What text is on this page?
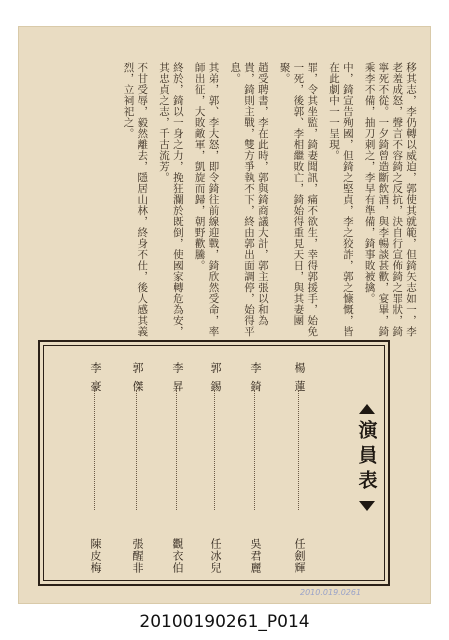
移其志，李仍轉以威迫，郭使其就範，但錡矢志如一，李老羞成怒，聲言不容錡之反抗，決自行宣佈錡之罪狀，錡寧死不從。一夕錡曾造斷飲酒，與李暢談甚歡，宴畢，錡乘李不備，抽刀刺之，李早有準備，錡事敗被擒。
中，錡宣告殉國，但錡之堅貞，李之狡詐，郭之慷慨，皆在此劇中一一呈現。
罪，令其坐監，錡妻聞訊，痛不欲生，幸得郭援手，始免一死，後郭、李相繼敗亡，錡始得重見天日，與其妻團聚。
趙受聘書，李在此時，郭與錡商議大計，郭主張以和為貴，錡則主戰，雙方爭執不下，終由郭出面調停，始得平息。
其弟，郭、李大怒，即令錡往前線迎戰，錡欣然受命，率師出征，大敗敵軍，凱旋而歸，朝野歡騰。
終於，錡以一身之力，挽狂瀾於既倒，使國家轉危為安，其忠貞之志，千古流芳。
不甘受辱，毅然離去，隱居山林，終身不仕，後人感其義烈，立祠祀之。
演員表
楊 蓮
任劍輝
李 錡
吳君麗
郭 錫
任冰兒
李 昇
觀衣伯
郭 傑
張醒非
李 豪
陳皮梅
2010.019.0261
20100190261_P014
